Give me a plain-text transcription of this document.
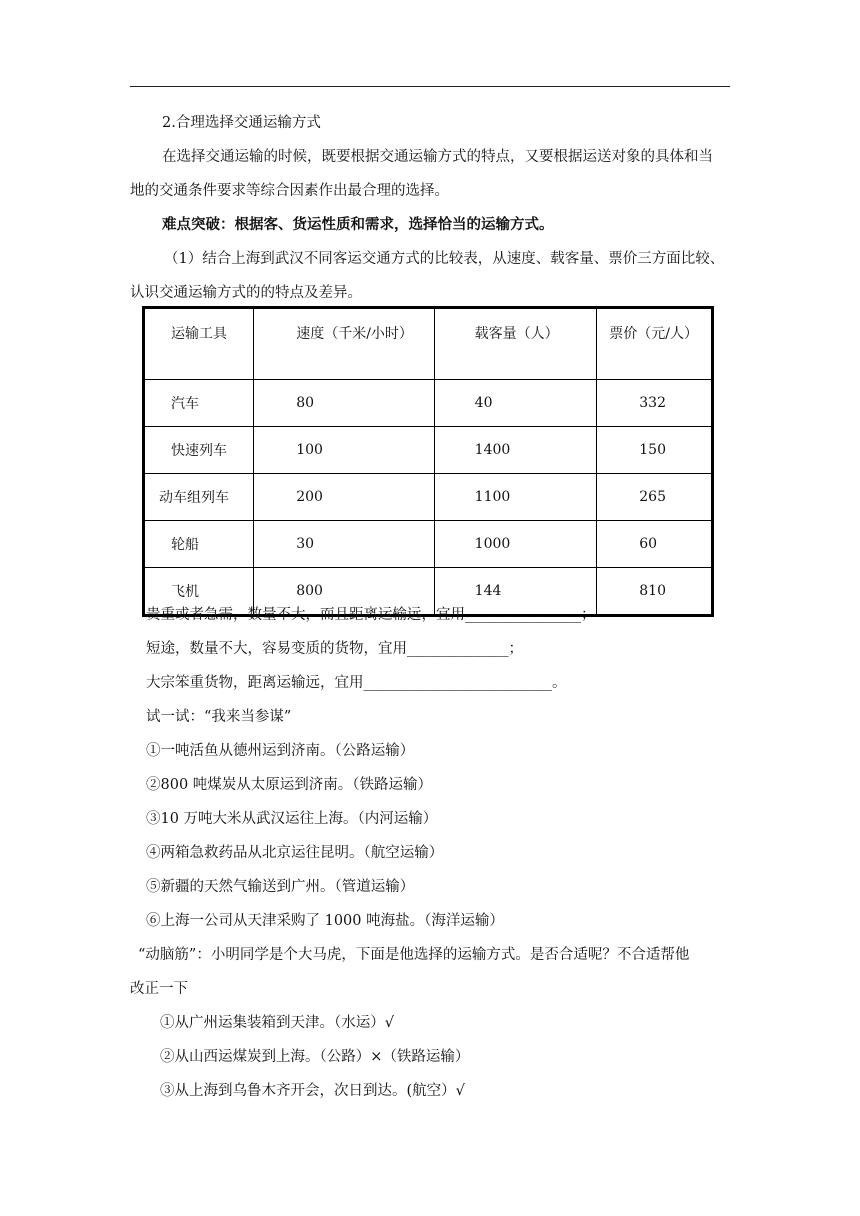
2.合理选择交通运输方式
在选择交通运输的时候，既要根据交通运输方式的特点，又要根据运送对象的具体和当
地的交通条件要求等综合因素作出最合理的选择。
难点突破：根据客、货运性质和需求，选择恰当的运输方式。
（1）结合上海到武汉不同客运交通方式的比较表，从速度、载客量、票价三方面比较、
认识交通运输方式的的特点及差异。
运输工具	速度（千米/小时）	载客量（人）	票价（元/人）
汽车	80	40	332
快速列车	100	1400	150
动车组列车	200	1100	265
轮船	30	1000	60
飞机	800	144	810
贵重或者急需，数量不大，而且距离运输远，宜用________________；
短途，数量不大，容易变质的货物，宜用______________；
大宗笨重货物，距离运输远，宜用__________________________。
试一试：“我来当参谋”
①一吨活鱼从德州运到济南。（公路运输）
②800 吨煤炭从太原运到济南。（铁路运输）
③10 万吨大米从武汉运往上海。（内河运输）
④两箱急救药品从北京运往昆明。（航空运输）
⑤新疆的天然气输送到广州。（管道运输）
⑥上海一公司从天津采购了 1000 吨海盐。（海洋运输）
“动脑筋”：小明同学是个大马虎，下面是他选择的运输方式。是否合适呢？不合适帮他
改正一下
①从广州运集装箱到天津。（水运）√
②从山西运煤炭到上海。（公路）×（铁路运输）
③从上海到乌鲁木齐开会，次日到达。(航空）√
